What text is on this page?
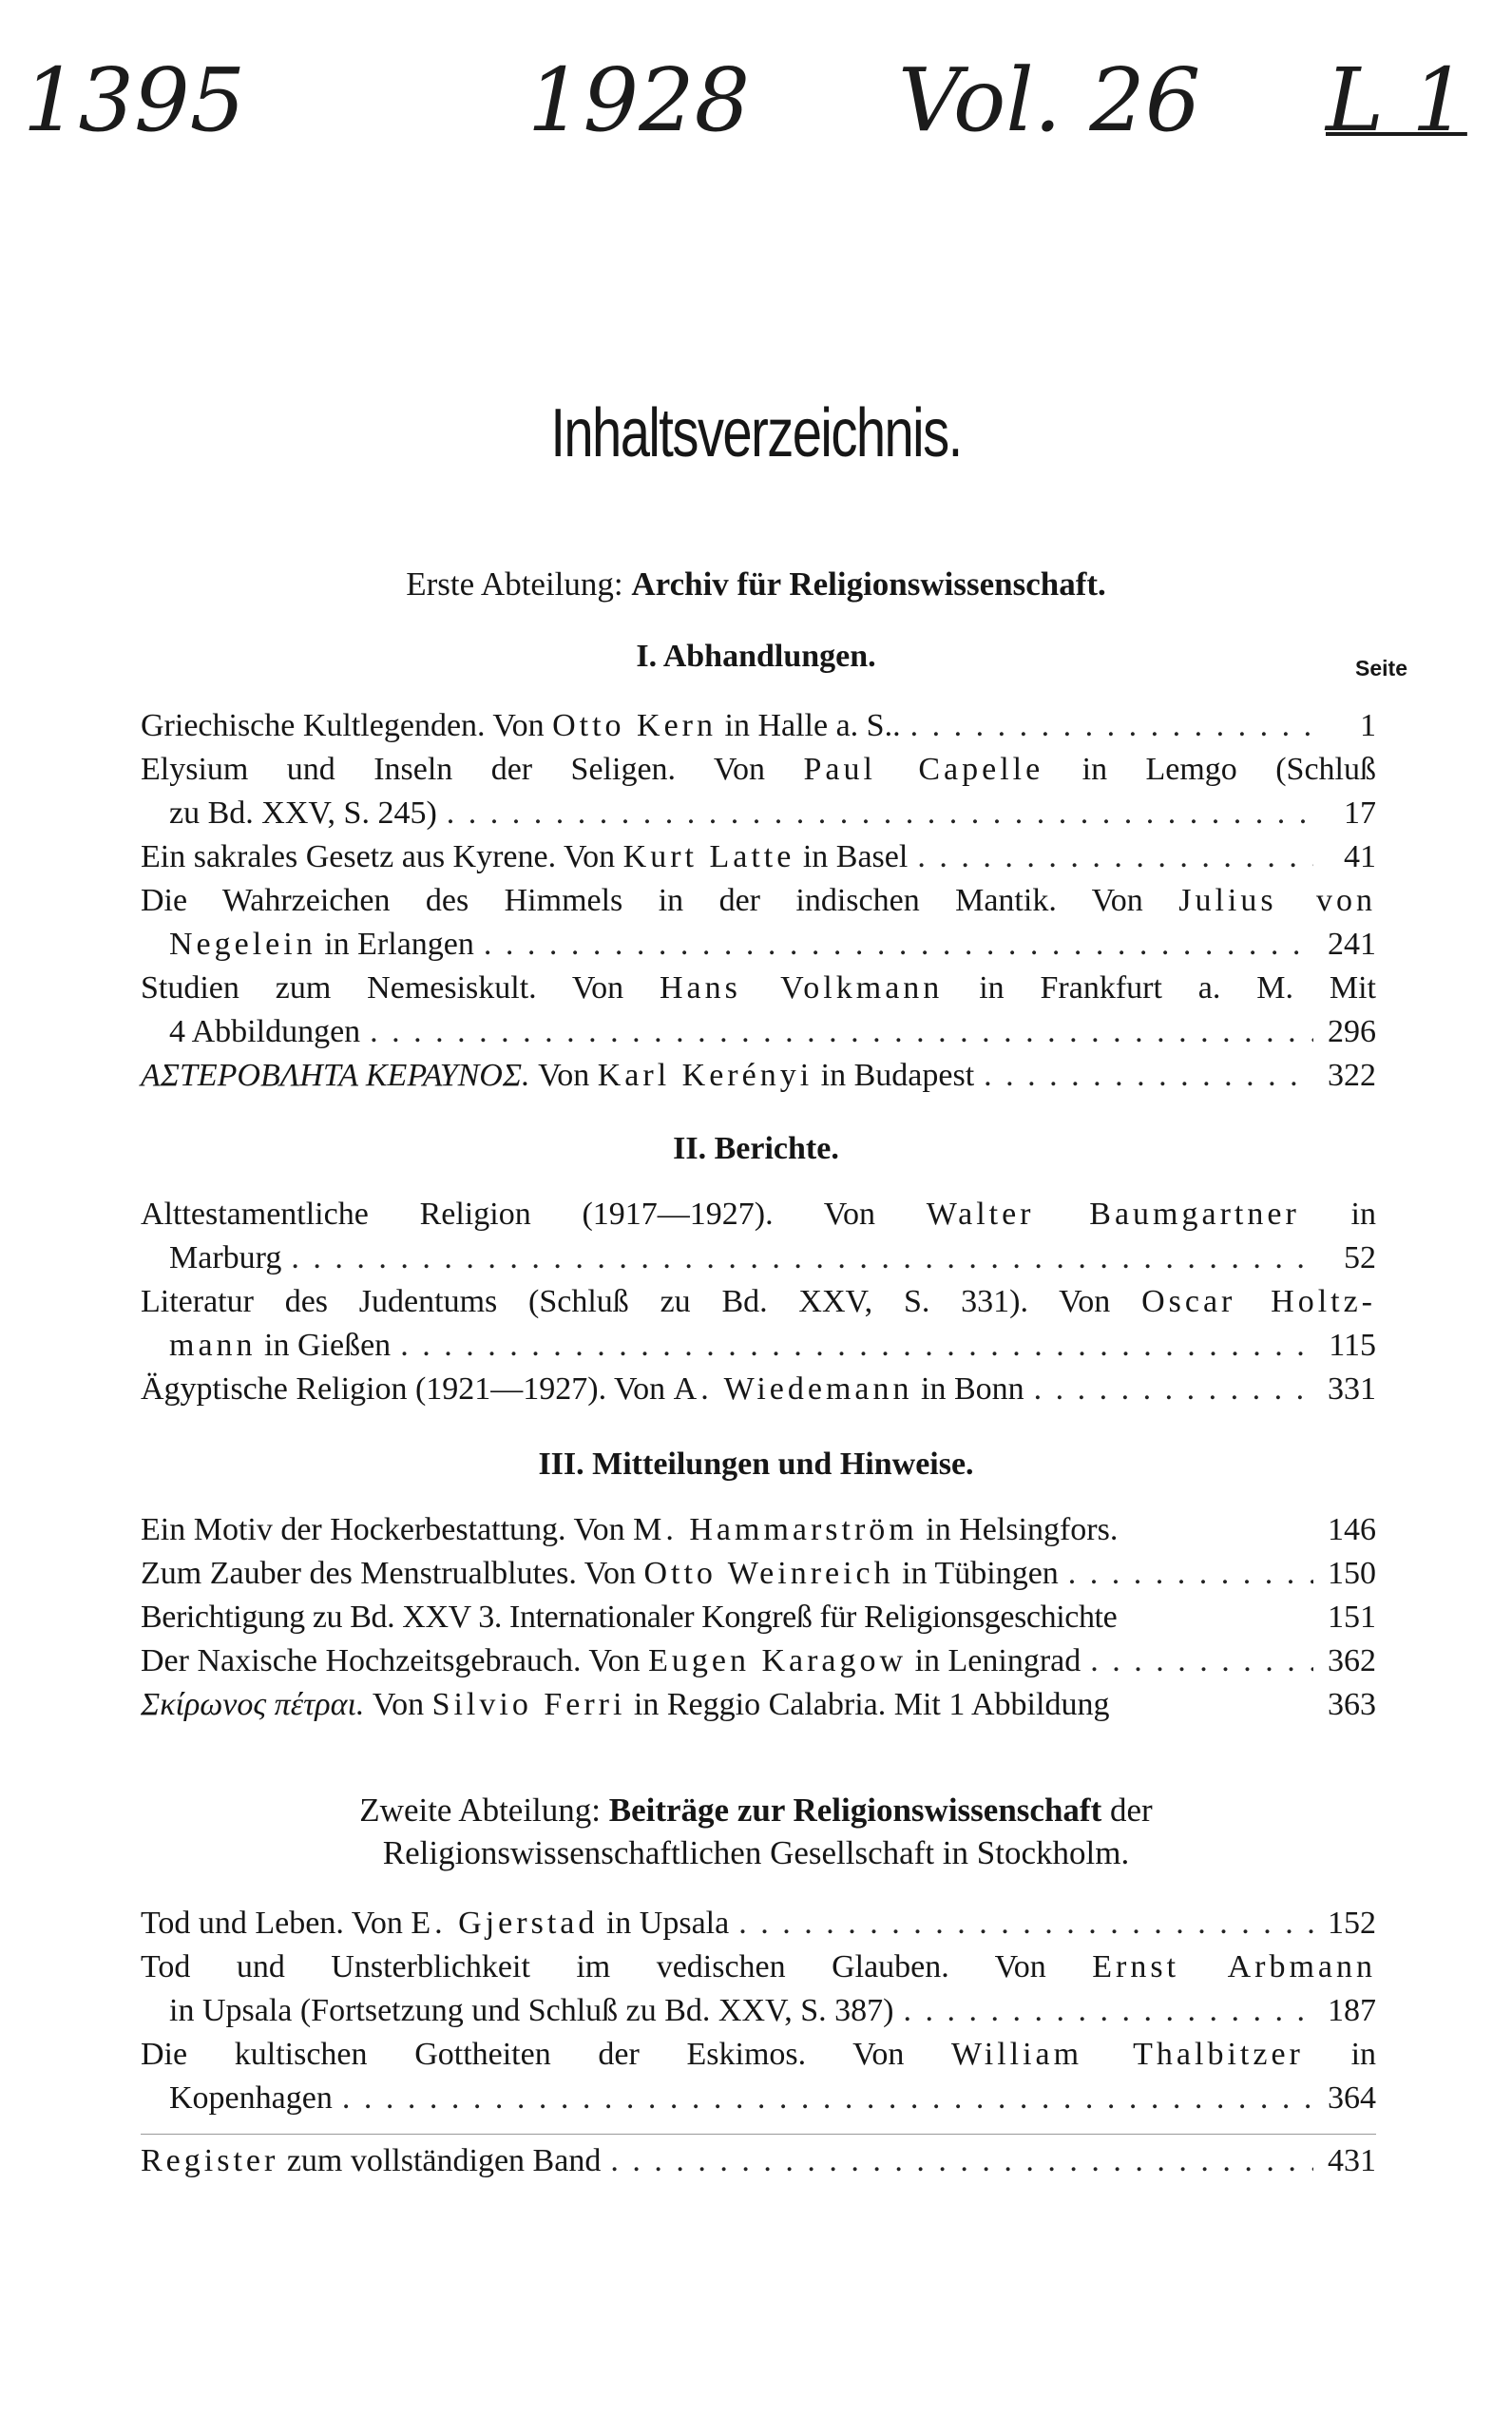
1395	1928 Vol. 26 L 1
Inhaltsverzeichnis.
Erste Abteilung: Archiv für Religionswissenschaft.
I. Abhandlungen.	Seite
Griechische Kultlegenden. Von Otto Kern in Halle a. S.. . . .	1
Elysium und Inseln der Seligen. Von Paul Capelle in Lemgo (Schluß
zu Bd. XXV, S. 245) . . .	17
Ein sakrales Gesetz aus Kyrene. Von Kurt Latte in Basel . . .	41
Die Wahrzeichen des Himmels in der indischen Mantik. Von Julius von
Negelein in Erlangen . . .	241
Studien zum Nemesiskult. Von Hans Volkmann in Frankfurt a. M. Mit
4 Abbildungen . . .	296
ΑΣΤΕΡΟΒΛΗΤΑ ΚΕΡΑΥΝΟΣ. Von Karl Kerényi in Budapest . . .	322
II. Berichte.
Alttestamentliche Religion (1917—1927). Von Walter Baumgartner in
Marburg . . .	52
Literatur des Judentums (Schluß zu Bd. XXV, S. 331). Von Oscar Holtz-
mann in Gießen . . .	115
Ägyptische Religion (1921—1927). Von A. Wiedemann in Bonn . . .	331
III. Mitteilungen und Hinweise.
Ein Motiv der Hockerbestattung. Von M. Hammarström in Helsingfors.	146
Zum Zauber des Menstrualblutes. Von Otto Weinreich in Tübingen . . .	150
Berichtigung zu Bd. XXV 3. Internationaler Kongreß für Religionsgeschichte	151
Der Naxische Hochzeitsgebrauch. Von Eugen Karagow in Leningrad . . .	362
Σκίρωνος πέτραι. Von Silvio Ferri in Reggio Calabria. Mit 1 Abbildung	363
Zweite Abteilung: Beiträge zur Religionswissenschaft der
Religionswissenschaftlichen Gesellschaft in Stockholm.
Tod und Leben. Von E. Gjerstad in Upsala . . .	152
Tod und Unsterblichkeit im vedischen Glauben. Von Ernst Arbmann
in Upsala (Fortsetzung und Schluß zu Bd. XXV, S. 387) . . .	187
Die kultischen Gottheiten der Eskimos. Von William Thalbitzer in
Kopenhagen . . .	364
Register zum vollständigen Band . . .	431
